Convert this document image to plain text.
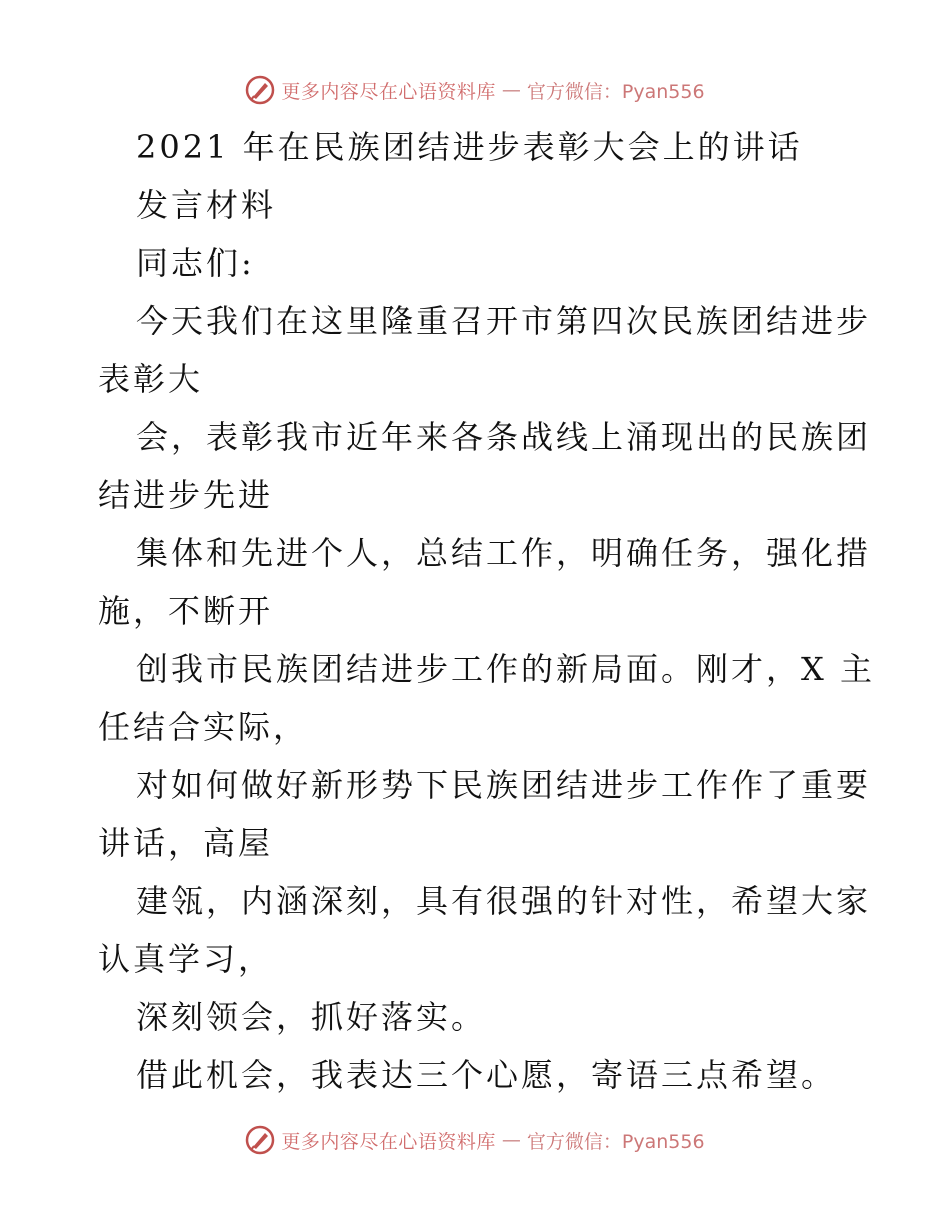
更多内容尽在心语资料库 — 官方微信：Pyan556
2021 年在民族团结进步表彰大会上的讲话
发言材料
同志们:
今天我们在这里隆重召开市第四次民族团结进步
表彰大
会，表彰我市近年来各条战线上涌现出的民族团
结进步先进
集体和先进个人，总结工作，明确任务，强化措
施，不断开
创我市民族团结进步工作的新局面。刚才，X 主
任结合实际，
对如何做好新形势下民族团结进步工作作了重要
讲话，高屋
建瓴，内涵深刻，具有很强的针对性，希望大家
认真学习，
深刻领会，抓好落实。
借此机会，我表达三个心愿，寄语三点希望。
更多内容尽在心语资料库 — 官方微信：Pyan556
